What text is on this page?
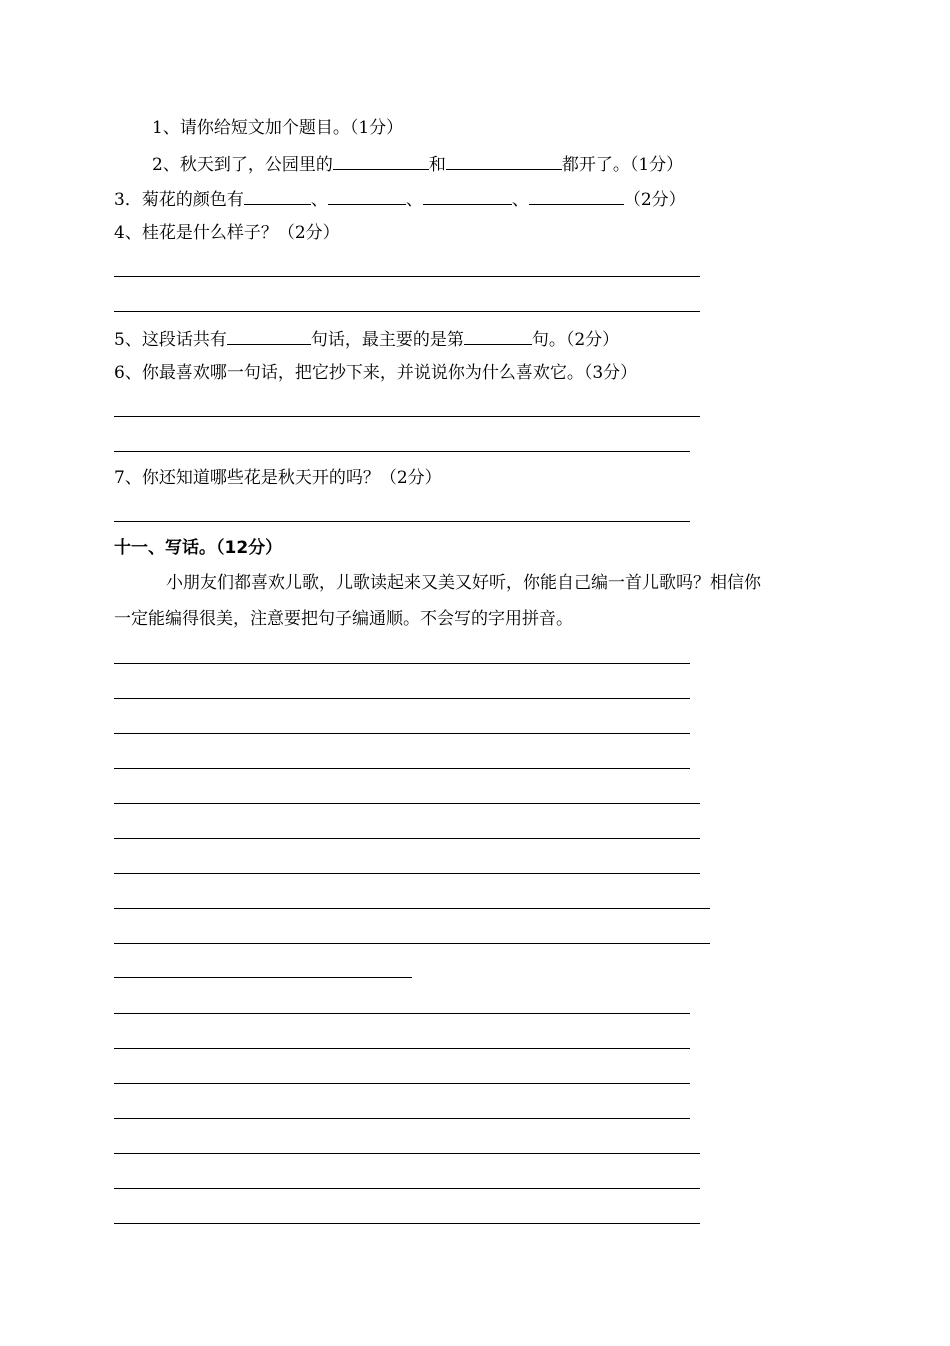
1、请你给短文加个题目。（1分）
2、秋天到了，公园里的	和	都开了。（1分）
3．菊花的颜色有	、	、	、	（2分）
4、桂花是什么样子？（2分）
5、这段话共有	句话，最主要的是第	句。（2分）
6、你最喜欢哪一句话，把它抄下来，并说说你为什么喜欢它。（3分）
7、你还知道哪些花是秋天开的吗？（2分）
十一、写话。（12分）
小朋友们都喜欢儿歌，儿歌读起来又美又好听，你能自己编一首儿歌吗？相信你
一定能编得很美，注意要把句子编通顺。不会写的字用拼音。
